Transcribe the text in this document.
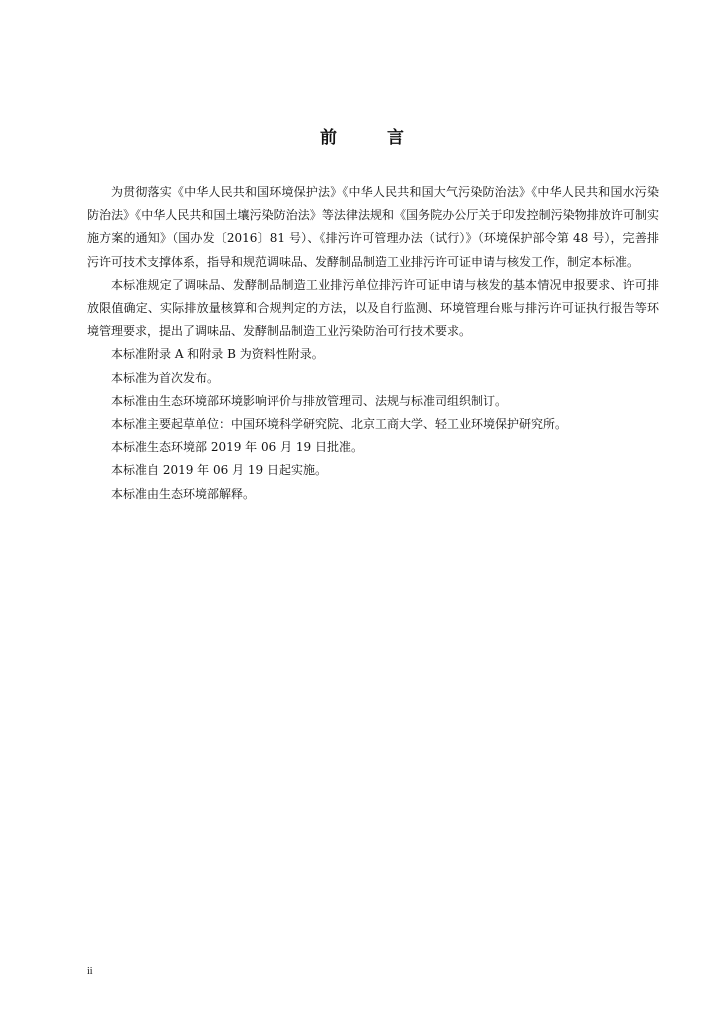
前 言

为贯彻落实《中华人民共和国环境保护法》《中华人民共和国大气污染防治法》《中华人民共和国水污染防治法》《中华人民共和国土壤污染防治法》等法律法规和《国务院办公厅关于印发控制污染物排放许可制实施方案的通知》（国办发〔2016〕81 号）、《排污许可管理办法（试行）》（环境保护部令第 48 号），完善排污许可技术支撑体系，指导和规范调味品、发酵制品制造工业排污许可证申请与核发工作，制定本标准。

本标准规定了调味品、发酵制品制造工业排污单位排污许可证申请与核发的基本情况申报要求、许可排放限值确定、实际排放量核算和合规判定的方法，以及自行监测、环境管理台账与排污许可证执行报告等环境管理要求，提出了调味品、发酵制品制造工业污染防治可行技术要求。

本标准附录 A 和附录 B 为资料性附录。

本标准为首次发布。

本标准由生态环境部环境影响评价与排放管理司、法规与标准司组织制订。

本标准主要起草单位：中国环境科学研究院、北京工商大学、轻工业环境保护研究所。

本标准生态环境部 2019 年 06 月 19 日批准。

本标准自 2019 年 06 月 19 日起实施。

本标准由生态环境部解释。

ii
